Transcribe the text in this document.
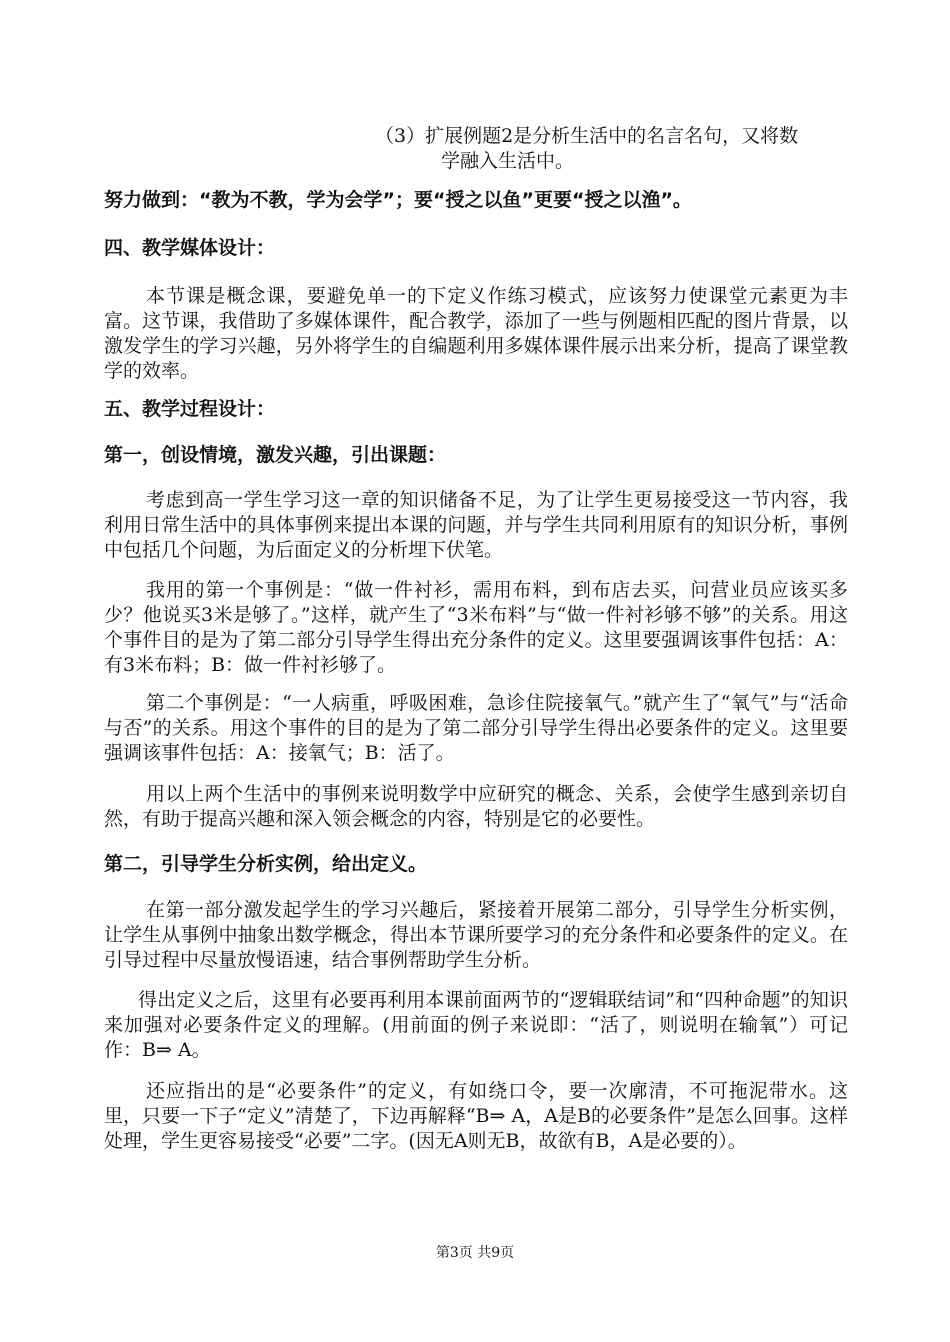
（3）扩展例题2是分析生活中的名言名句，又将数
学融入生活中。

努力做到：“教为不教，学为会学”；要“授之以鱼”更要“授之以渔”。

四、教学媒体设计：

本节课是概念课，要避免单一的下定义作练习模式，应该努力使课堂元素更为丰富。这节课，我借助了多媒体课件，配合教学，添加了一些与例题相匹配的图片背景，以激发学生的学习兴趣，另外将学生的自编题利用多媒体课件展示出来分析，提高了课堂教学的效率。

五、教学过程设计：

第一，创设情境，激发兴趣，引出课题：

考虑到高一学生学习这一章的知识储备不足，为了让学生更易接受这一节内容，我利用日常生活中的具体事例来提出本课的问题，并与学生共同利用原有的知识分析，事例中包括几个问题，为后面定义的分析埋下伏笔。

我用的第一个事例是：“做一件衬衫，需用布料，到布店去买，问营业员应该买多少？他说买3米是够了。”这样，就产生了“3米布料”与“做一件衬衫够不够”的关系。用这个事件目的是为了第二部分引导学生得出充分条件的定义。这里要强调该事件包括：A：有3米布料；B：做一件衬衫够了。

第二个事例是：“一人病重，呼吸困难，急诊住院接氧气。”就产生了“氧气”与“活命与否”的关系。用这个事件的目的是为了第二部分引导学生得出必要条件的定义。这里要强调该事件包括：A：接氧气；B：活了。

用以上两个生活中的事例来说明数学中应研究的概念、关系，会使学生感到亲切自然，有助于提高兴趣和深入领会概念的内容，特别是它的必要性。

第二，引导学生分析实例，给出定义。

在第一部分激发起学生的学习兴趣后，紧接着开展第二部分，引导学生分析实例，让学生从事例中抽象出数学概念，得出本节课所要学习的充分条件和必要条件的定义。在引导过程中尽量放慢语速，结合事例帮助学生分析。

得出定义之后，这里有必要再利用本课前面两节的“逻辑联结词”和“四种命题”的知识来加强对必要条件定义的理解。(用前面的例子来说即：“活了，则说明在输氧”）可记作：B⇒ A。

还应指出的是“必要条件”的定义，有如绕口令，要一次廓清，不可拖泥带水。这里，只要一下子“定义”清楚了，下边再解释“B⇒ A，A是B的必要条件”是怎么回事。这样处理，学生更容易接受“必要”二字。(因无A则无B，故欲有B，A是必要的）。

第3页 共9页
